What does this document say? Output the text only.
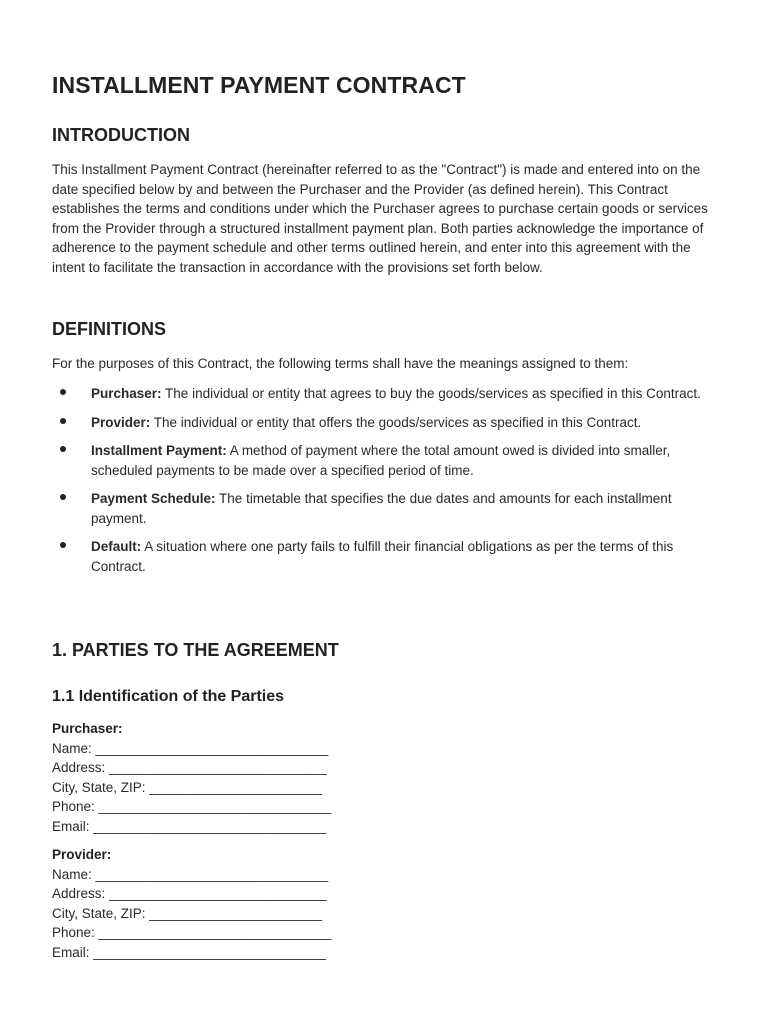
INSTALLMENT PAYMENT CONTRACT
INTRODUCTION

This Installment Payment Contract (hereinafter referred to as the "Contract") is made and entered into on the date specified below by and between the Purchaser and the Provider (as defined herein). This Contract establishes the terms and conditions under which the Purchaser agrees to purchase certain goods or services from the Provider through a structured installment payment plan. Both parties acknowledge the importance of adherence to the payment schedule and other terms outlined herein, and enter into this agreement with the intent to facilitate the transaction in accordance with the provisions set forth below.

DEFINITIONS

For the purposes of this Contract, the following terms shall have the meanings assigned to them:

Purchaser: The individual or entity that agrees to buy the goods/services as specified in this Contract.
Provider: The individual or entity that offers the goods/services as specified in this Contract.
Installment Payment: A method of payment where the total amount owed is divided into smaller, scheduled payments to be made over a specified period of time.
Payment Schedule: The timetable that specifies the due dates and amounts for each installment payment.
Default: A situation where one party fails to fulfill their financial obligations as per the terms of this Contract.
1. PARTIES TO THE AGREEMENT
1.1 Identification of the Parties
Purchaser:
Name: _______________________________
Address: _____________________________
City, State, ZIP: _______________________
Phone: _______________________________
Email: _______________________________
Provider:
Name: _______________________________
Address: _____________________________
City, State, ZIP: _______________________
Phone: _______________________________
Email: _______________________________
